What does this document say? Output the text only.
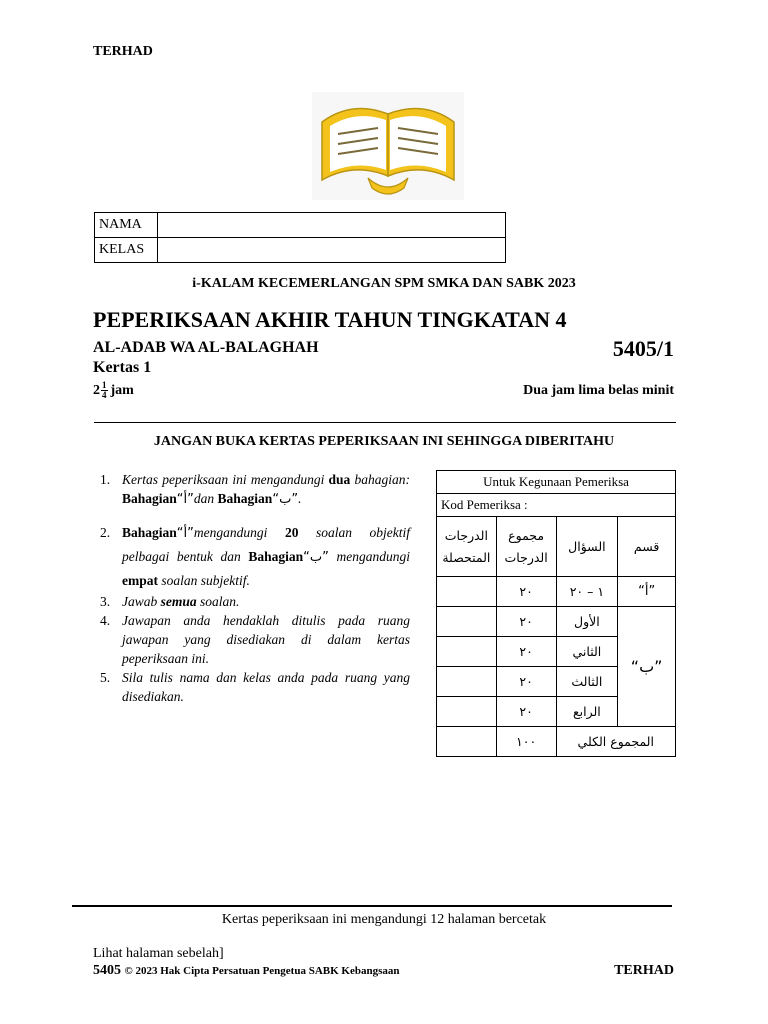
TERHAD
NAMA	
KELAS	
i-KALAM KECEMERLANGAN SPM SMKA DAN SABK 2023
PEPERIKSAAN AKHIR TAHUN TINGKATAN 4
AL-ADAB WA AL-BALAGHAH	5405/1
Kertas 1
$2 \frac{1}{4}$ jam	Dua jam lima belas minit
JANGAN BUKA KERTAS PEPERIKSAAN INI SEHINGGA DIBERITAHU
1. Kertas peperiksaan ini mengandungi dua bahagian: Bahagian“أ”dan Bahagian“ب”.
2. Bahagian“أ”mengandungi 20 soalan objektif pelbagai bentuk dan Bahagian“ب” mengandungi empat soalan subjektif.
3. Jawab semua soalan.
4. Jawapan anda hendaklah ditulis pada ruang jawapan yang disediakan di dalam kertas peperiksaan ini.
5. Sila tulis nama dan kelas anda pada ruang yang disediakan.
Untuk Kegunaan Pemeriksa			
Kod Pemeriksa :			
الدرجات المتحصلة	مجموع الدرجات	السؤال	قسم
	٢٠	١ – ٢٠	“أ”
	٢٠	الأول	“ب”
	٢٠	الثاني	
	٢٠	الثالث	
	٢٠	الرابع	
	١٠٠	المجموع الكلي	
Kertas peperiksaan ini mengandungi 12 halaman bercetak
Lihat halaman sebelah]
5405 © 2023 Hak Cipta Persatuan Pengetua SABK Kebangsaan	TERHAD
